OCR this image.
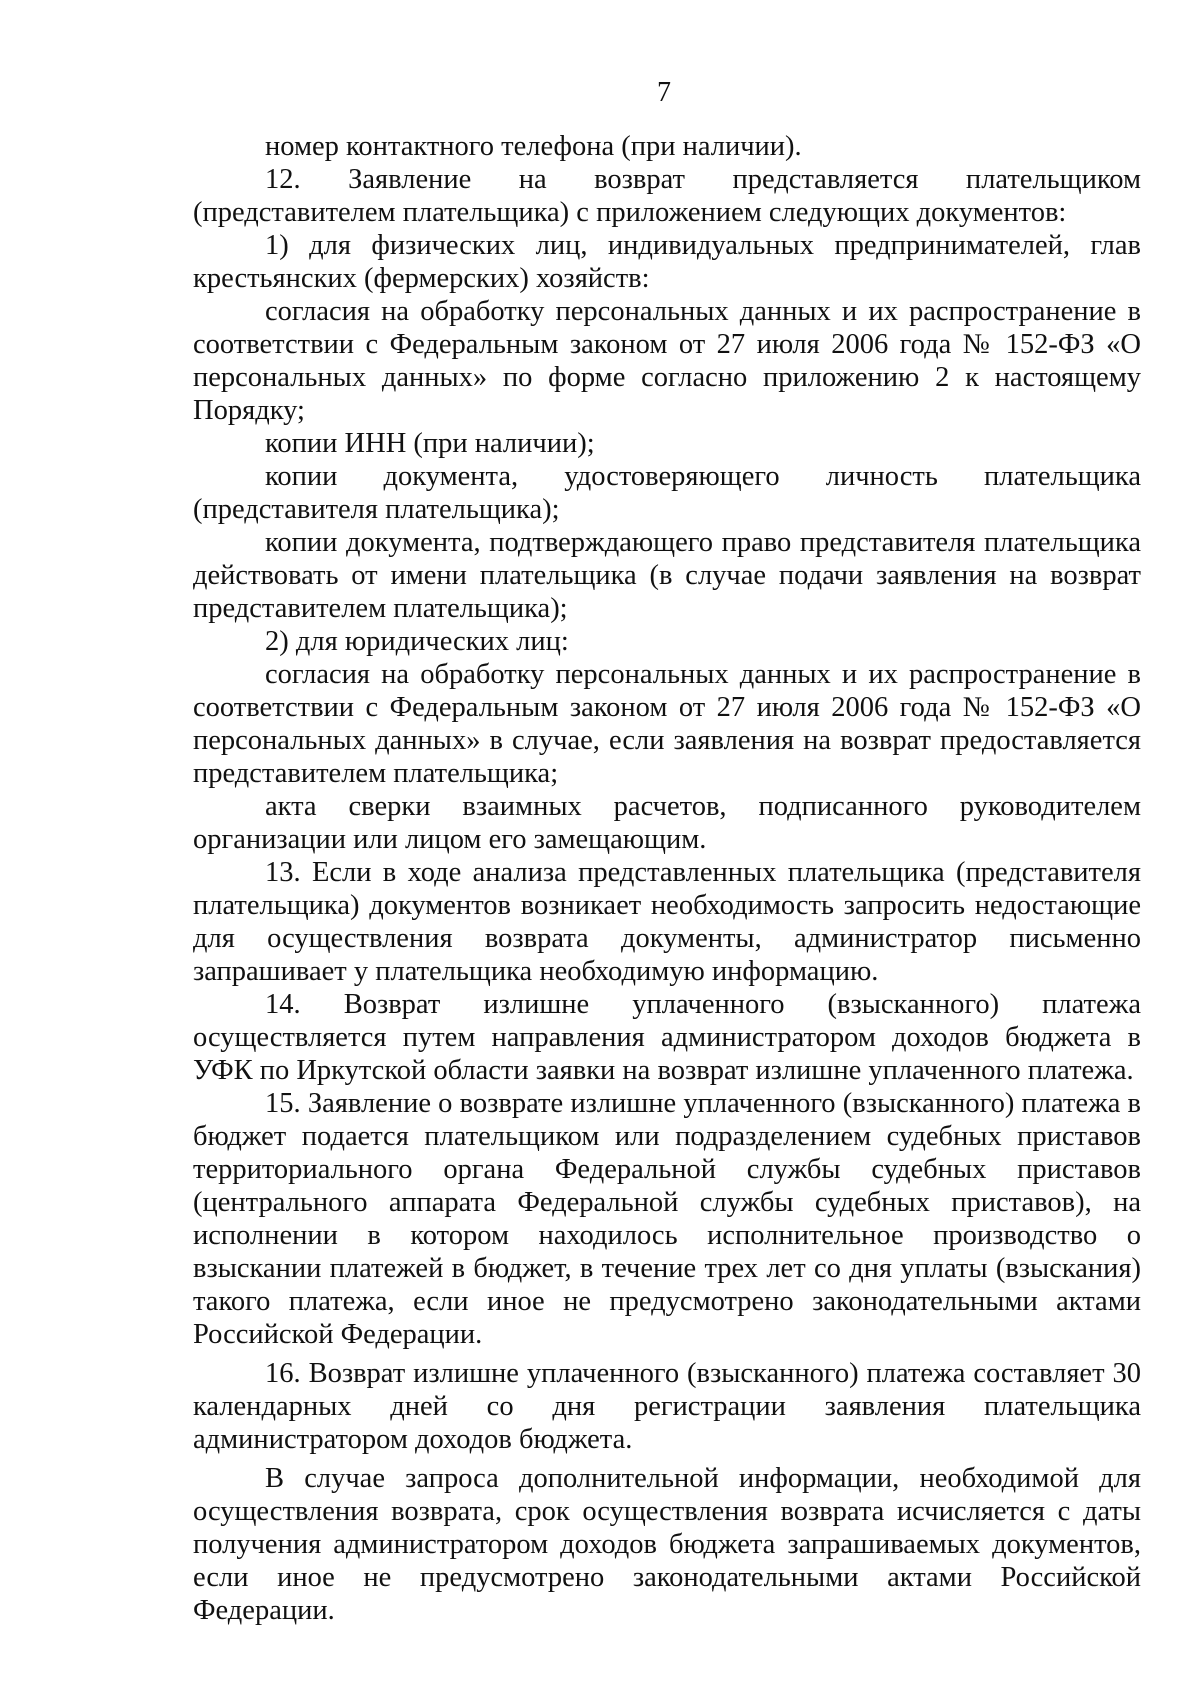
7

номер контактного телефона (при наличии).

12. Заявление на возврат представляется плательщиком (представителем плательщика) с приложением следующих документов:

1) для физических лиц, индивидуальных предпринимателей, глав крестьянских (фермерских) хозяйств:

согласия на обработку персональных данных и их распространение в соответствии с Федеральным законом от 27 июля 2006 года № 152-ФЗ «О персональных данных» по форме согласно приложению 2 к настоящему Порядку;

копии ИНН (при наличии);

копии документа, удостоверяющего личность плательщика (представителя плательщика);

копии документа, подтверждающего право представителя плательщика действовать от имени плательщика (в случае подачи заявления на возврат представителем плательщика);

2) для юридических лиц:

согласия на обработку персональных данных и их распространение в соответствии с Федеральным законом от 27 июля 2006 года № 152-ФЗ «О персональных данных» в случае, если заявления на возврат предоставляется представителем плательщика;

акта сверки взаимных расчетов, подписанного руководителем организации или лицом его замещающим.

13. Если в ходе анализа представленных плательщика (представителя плательщика) документов возникает необходимость запросить недостающие для осуществления возврата документы, администратор письменно запрашивает у плательщика необходимую информацию.

14. Возврат излишне уплаченного (взысканного) платежа осуществляется путем направления администратором доходов бюджета в УФК по Иркутской области заявки на возврат излишне уплаченного платежа.

15. Заявление о возврате излишне уплаченного (взысканного) платежа в бюджет подается плательщиком или подразделением судебных приставов территориального органа Федеральной службы судебных приставов (центрального аппарата Федеральной службы судебных приставов), на исполнении в котором находилось исполнительное производство о взыскании платежей в бюджет, в течение трех лет со дня уплаты (взыскания) такого платежа, если иное не предусмотрено законодательными актами Российской Федерации.

16. Возврат излишне уплаченного (взысканного) платежа составляет 30 календарных дней со дня регистрации заявления плательщика администратором доходов бюджета.

В случае запроса дополнительной информации, необходимой для осуществления возврата, срок осуществления возврата исчисляется с даты получения администратором доходов бюджета запрашиваемых документов, если иное не предусмотрено законодательными актами Российской Федерации.
